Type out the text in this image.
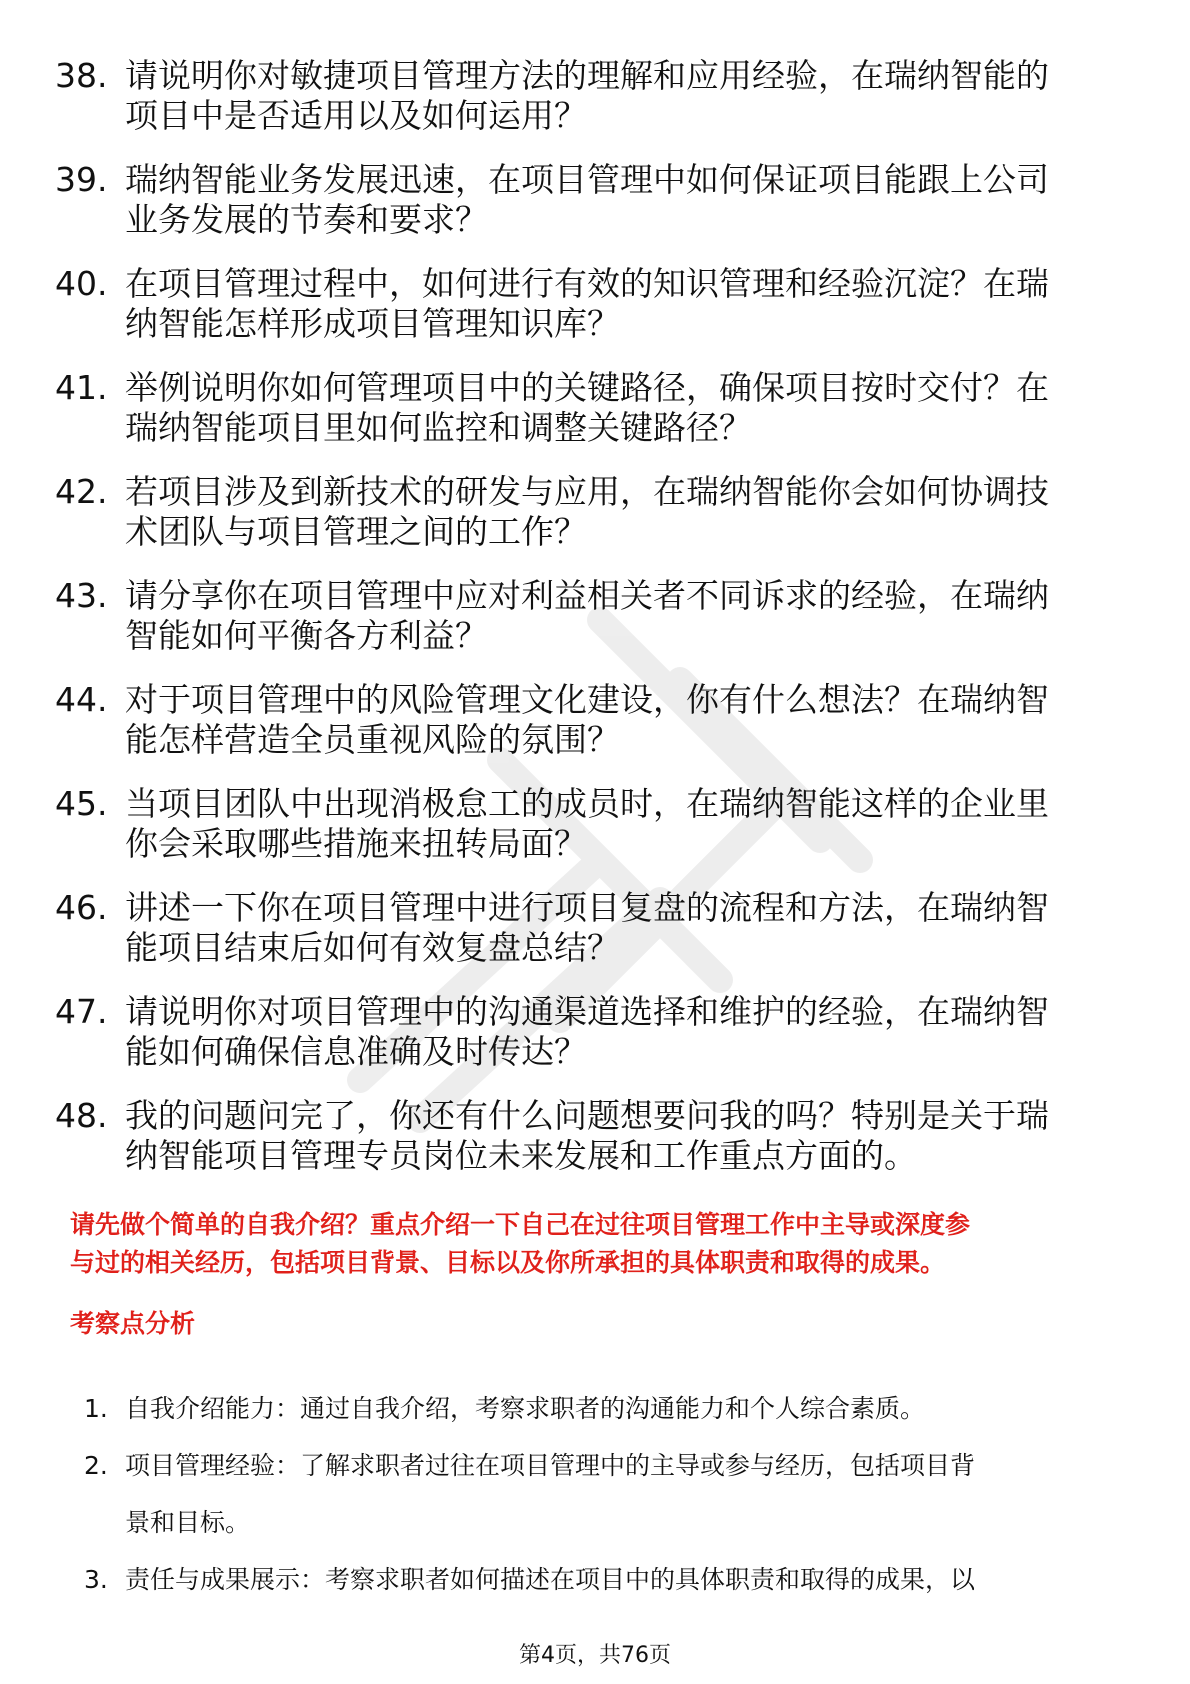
38. 请说明你对敏捷项目管理方法的理解和应用经验，在瑞纳智能的
项目中是否适用以及如何运用？
39. 瑞纳智能业务发展迅速，在项目管理中如何保证项目能跟上公司
业务发展的节奏和要求？
40. 在项目管理过程中，如何进行有效的知识管理和经验沉淀？在瑞
纳智能怎样形成项目管理知识库？
41. 举例说明你如何管理项目中的关键路径，确保项目按时交付？在
瑞纳智能项目里如何监控和调整关键路径？
42. 若项目涉及到新技术的研发与应用，在瑞纳智能你会如何协调技
术团队与项目管理之间的工作？
43. 请分享你在项目管理中应对利益相关者不同诉求的经验，在瑞纳
智能如何平衡各方利益？
44. 对于项目管理中的风险管理文化建设，你有什么想法？在瑞纳智
能怎样营造全员重视风险的氛围？
45. 当项目团队中出现消极怠工的成员时，在瑞纳智能这样的企业里
你会采取哪些措施来扭转局面？
46. 讲述一下你在项目管理中进行项目复盘的流程和方法，在瑞纳智
能项目结束后如何有效复盘总结？
47. 请说明你对项目管理中的沟通渠道选择和维护的经验，在瑞纳智
能如何确保信息准确及时传达？
48. 我的问题问完了，你还有什么问题想要问我的吗？特别是关于瑞
纳智能项目管理专员岗位未来发展和工作重点方面的。
请先做个简单的自我介绍？重点介绍一下自己在过往项目管理工作中主导或深度参
与过的相关经历，包括项目背景、目标以及你所承担的具体职责和取得的成果。
考察点分析
1. 自我介绍能力：通过自我介绍，考察求职者的沟通能力和个人综合素质。
2. 项目管理经验：了解求职者过往在项目管理中的主导或参与经历，包括项目背
景和目标。
3. 责任与成果展示：考察求职者如何描述在项目中的具体职责和取得的成果，以
第4页，共76页
